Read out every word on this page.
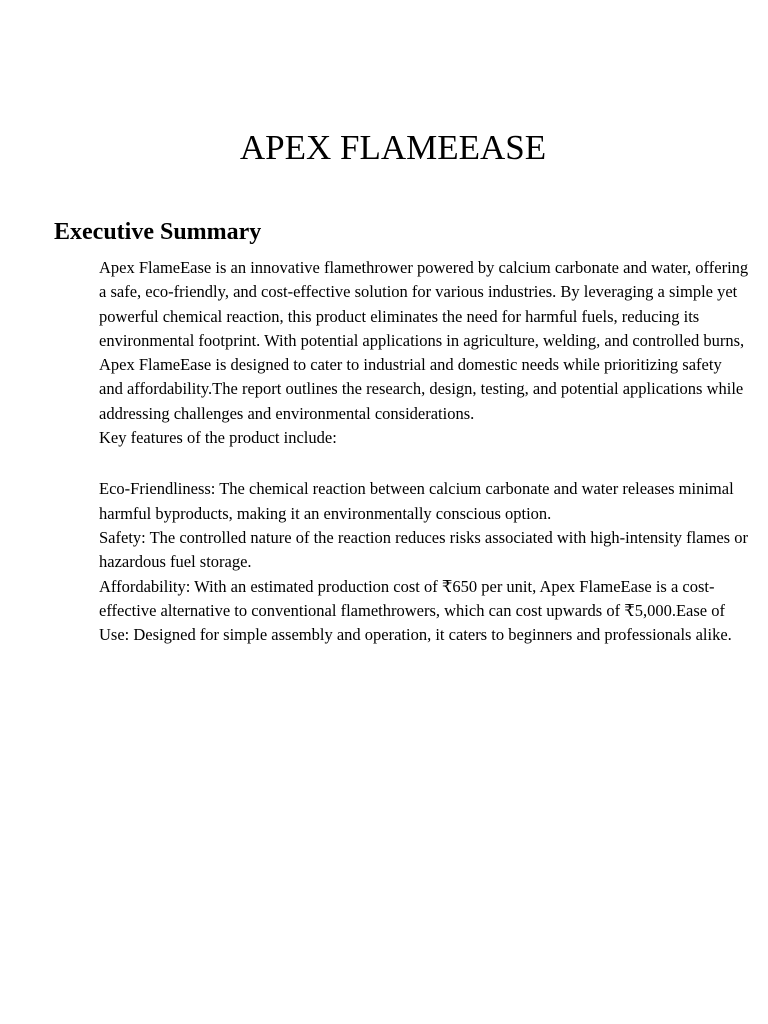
APEX FLAMEEASE
Executive Summary

Apex FlameEase is an innovative flamethrower powered by calcium carbonate and water, offering a safe, eco-friendly, and cost-effective solution for various industries. By leveraging a simple yet powerful chemical reaction, this product eliminates the need for harmful fuels, reducing its environmental footprint. With potential applications in agriculture, welding, and controlled burns, Apex FlameEase is designed to cater to industrial and domestic needs while prioritizing safety and affordability.The report outlines the research, design, testing, and potential applications while addressing challenges and environmental considerations.

Key features of the product include:

Eco-Friendliness: The chemical reaction between calcium carbonate and water releases minimal harmful byproducts, making it an environmentally conscious option.

Safety: The controlled nature of the reaction reduces risks associated with high-intensity flames or hazardous fuel storage.

Affordability: With an estimated production cost of ₹650 per unit, Apex FlameEase is a cost-effective alternative to conventional flamethrowers, which can cost upwards of ₹5,000.Ease of Use: Designed for simple assembly and operation, it caters to beginners and professionals alike.
